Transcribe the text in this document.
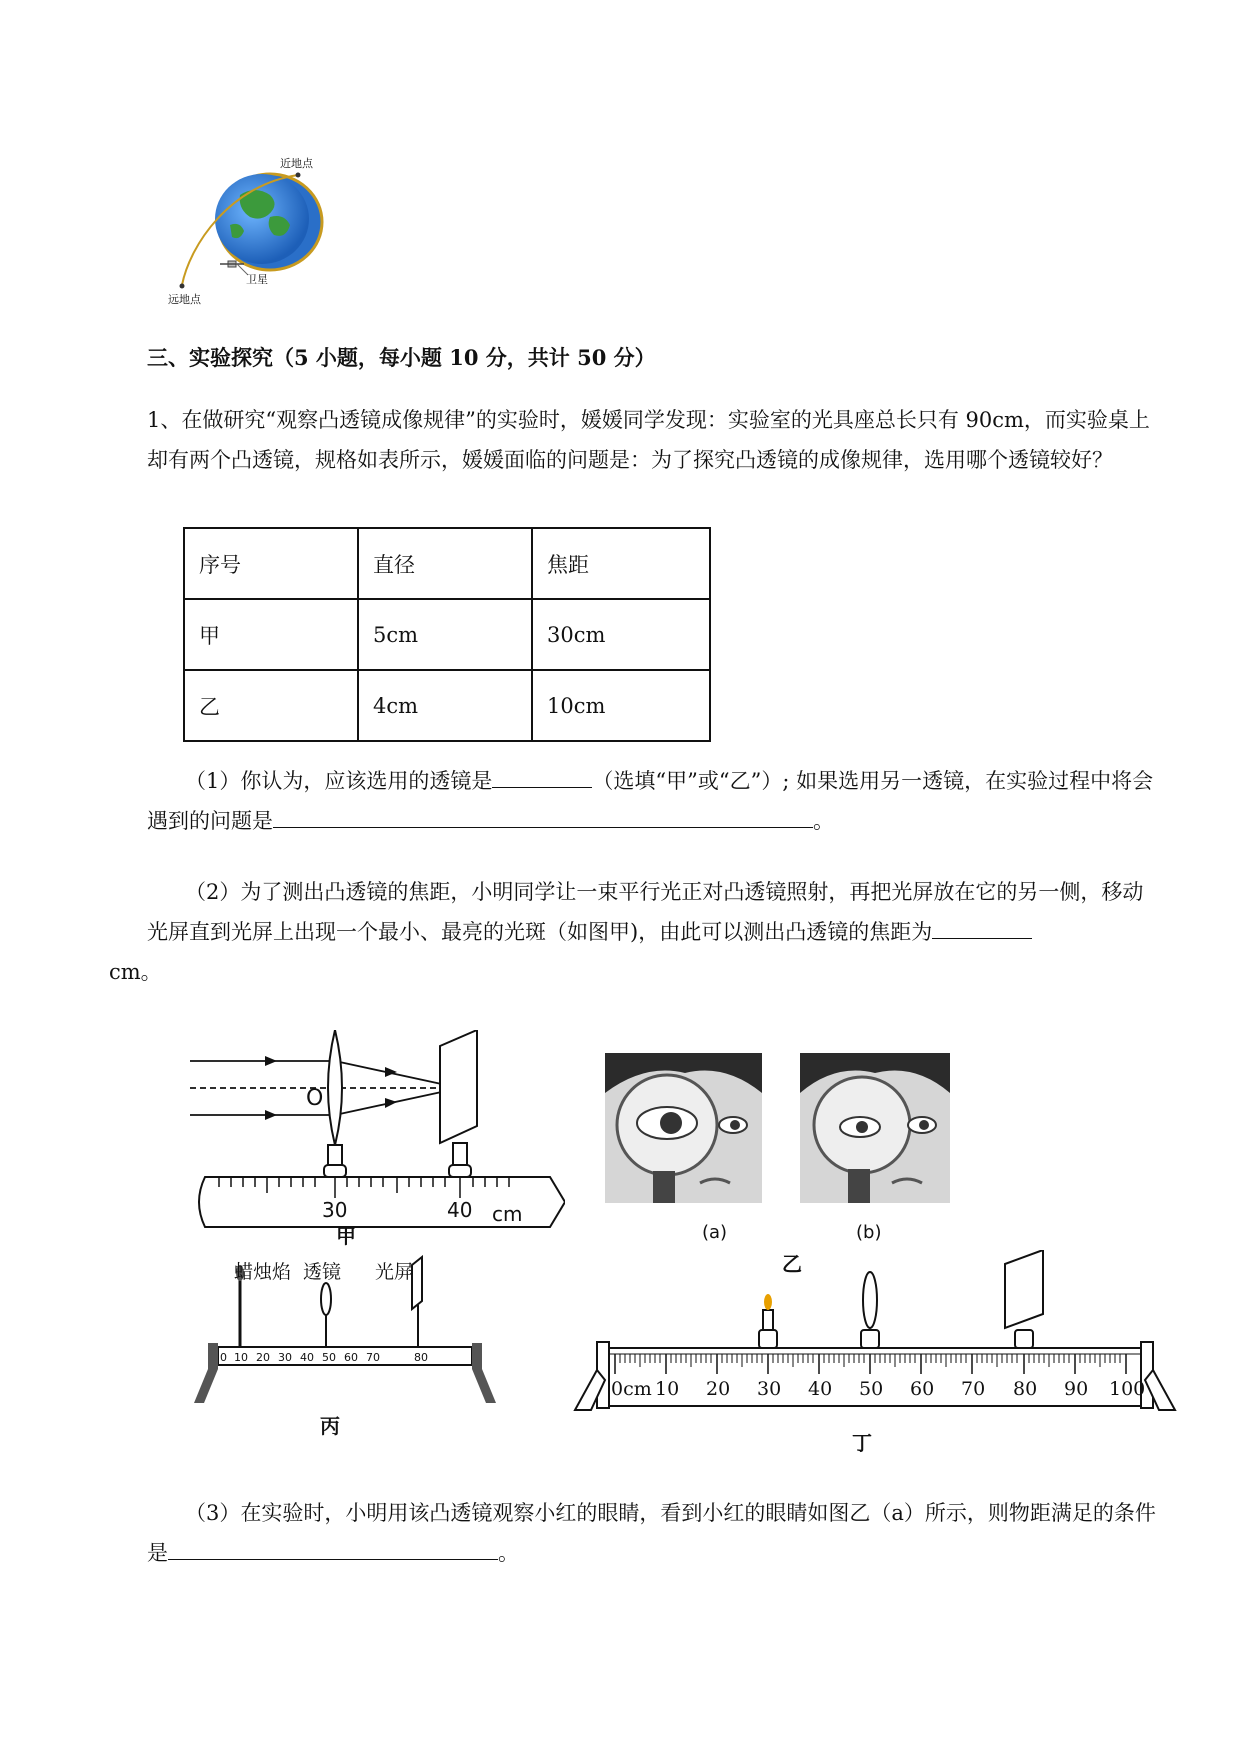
近地点
卫星
远地点

三、实验探究（5 小题，每小题 10 分，共计 50 分）

1、在做研究“观察凸透镜成像规律”的实验时，媛媛同学发现：实验室的光具座总长只有 90cm，而实验桌上却有两个凸透镜，规格如表所示，媛媛面临的问题是：为了探究凸透镜的成像规律，选用哪个透镜较好？

序号	直径	焦距
甲	5cm	30cm
乙	4cm	10cm

（1）你认为，应该选用的透镜是	（选填“甲”或“乙”）; 如果选用另一透镜，在实验过程中将会遇到的问题是	。

（2）为了测出凸透镜的焦距，小明同学让一束平行光正对凸透镜照射，再把光屏放在它的另一侧，移动光屏直到光屏上出现一个最小、最亮的光斑（如图甲)，由此可以测出凸透镜的焦距为
cm。

O
30	40 cm
甲	(a)	(b)
乙
蜡烛焰 透镜 光屏
0 10 20 30 40 50 60 70	80
丙
0cm 10 20 30 40 50 60 70 80 90 100
丁

（3）在实验时，小明用该凸透镜观察小红的眼睛，看到小红的眼睛如图乙（a）所示，则物距满足的条件是	。
